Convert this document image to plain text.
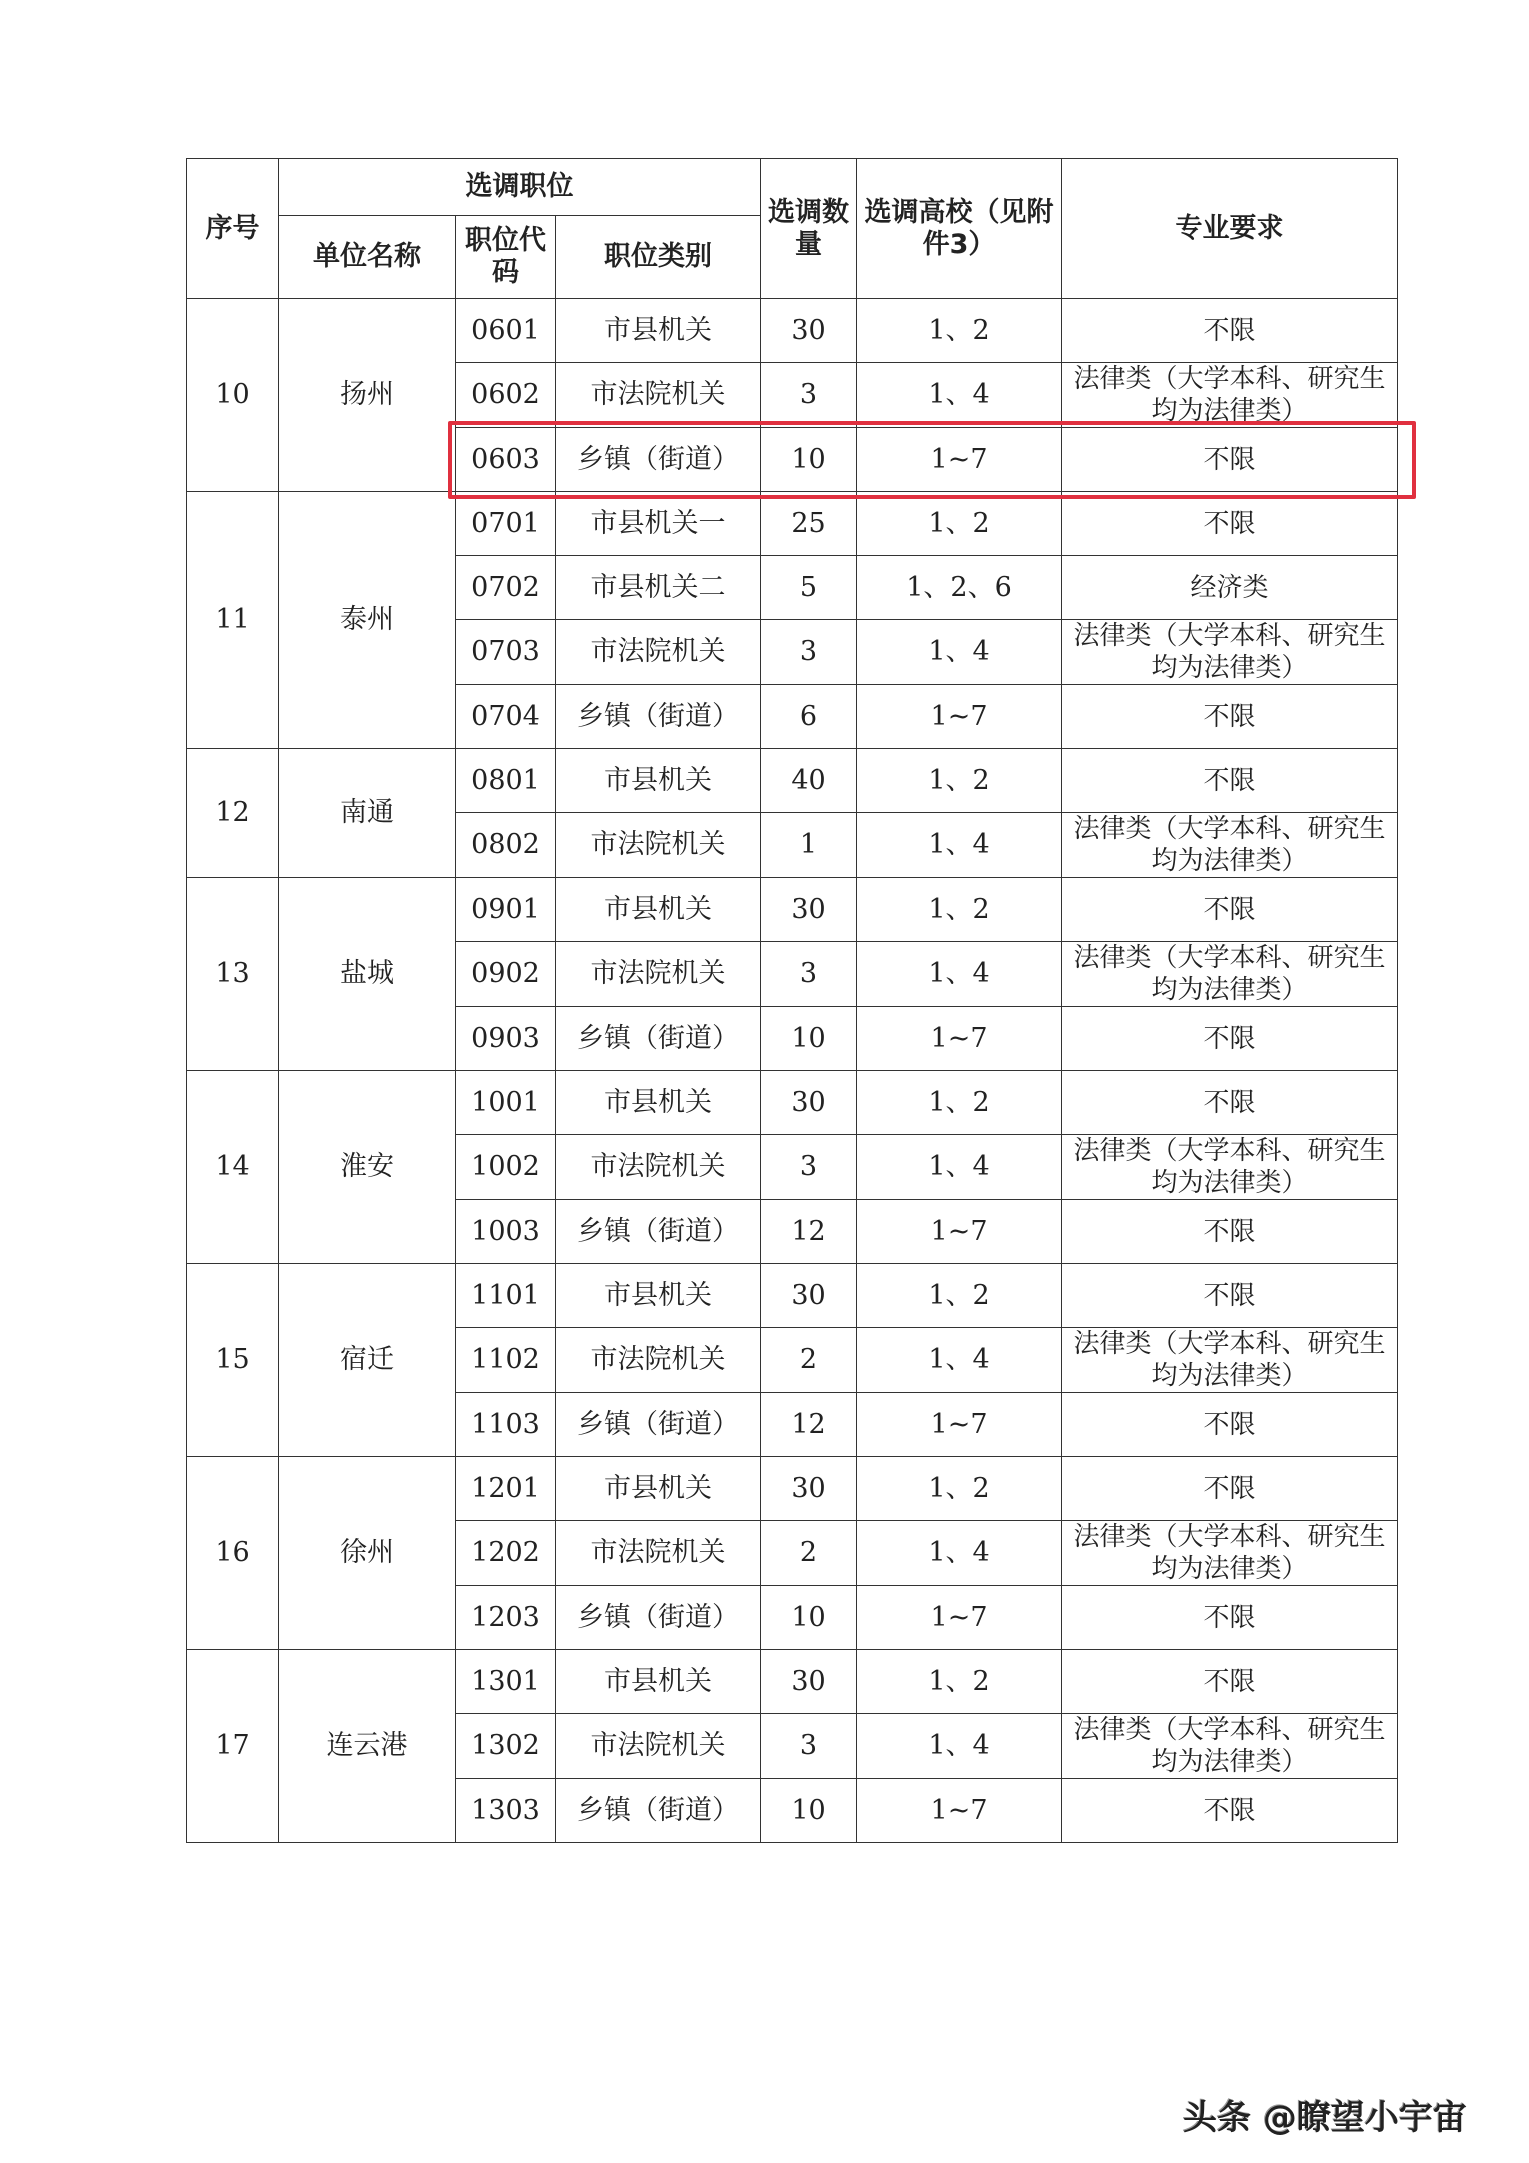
序号	选调职位			选调数量	选调高校（见附件3）	专业要求
	单位名称	职位代码	职位类别			
10	扬州	0601	市县机关	30	1、2	不限
		0602	市法院机关	3	1、4	法律类（大学本科、研究生均为法律类）
		0603	乡镇（街道）	10	1~7	不限
11	泰州	0701	市县机关一	25	1、2	不限
		0702	市县机关二	5	1、2、6	经济类
		0703	市法院机关	3	1、4	法律类（大学本科、研究生均为法律类）
		0704	乡镇（街道）	6	1~7	不限
12	南通	0801	市县机关	40	1、2	不限
		0802	市法院机关	1	1、4	法律类（大学本科、研究生均为法律类）
13	盐城	0901	市县机关	30	1、2	不限
		0902	市法院机关	3	1、4	法律类（大学本科、研究生均为法律类）
		0903	乡镇（街道）	10	1~7	不限
14	淮安	1001	市县机关	30	1、2	不限
		1002	市法院机关	3	1、4	法律类（大学本科、研究生均为法律类）
		1003	乡镇（街道）	12	1~7	不限
15	宿迁	1101	市县机关	30	1、2	不限
		1102	市法院机关	2	1、4	法律类（大学本科、研究生均为法律类）
		1103	乡镇（街道）	12	1~7	不限
16	徐州	1201	市县机关	30	1、2	不限
		1202	市法院机关	2	1、4	法律类（大学本科、研究生均为法律类）
		1203	乡镇（街道）	10	1~7	不限
17	连云港	1301	市县机关	30	1、2	不限
		1302	市法院机关	3	1、4	法律类（大学本科、研究生均为法律类）
		1303	乡镇（街道）	10	1~7	不限
头条 @瞭望小宇宙
